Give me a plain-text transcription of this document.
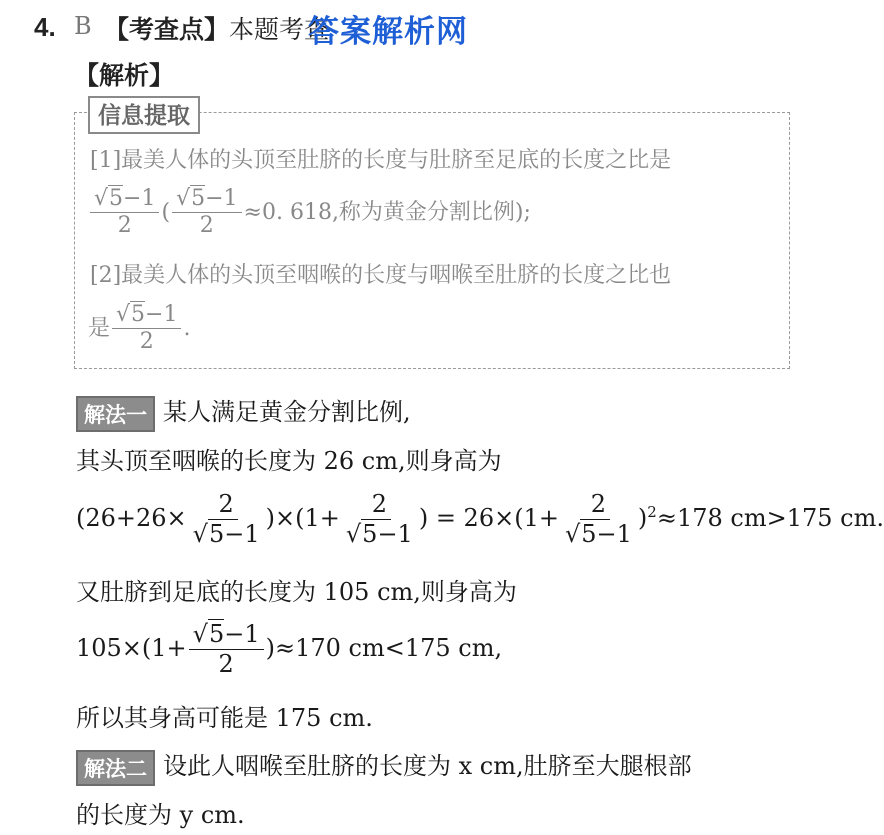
4. B 【考查点】本题考查
答案解析网
【解析】
信息提取
[1]最美人体的头顶至肚脐的长度与肚脐至足底的长度之比是
$\frac{√5-1}{2}$ ( $\frac{√5-1}{2} \approx 0$. 618,称为黄金分割比例);
[2]最美人体的头顶至咽喉的长度与咽喉至肚脐的长度之比也
是 $\frac{√5-1}{2}$ .
解法一 某人满足黄金分割比例,
其头顶至咽喉的长度为 26 cm,则身高为
$(26+26\times \frac{2}{√5-1} )\times(1+ \frac{2}{√5-1}$ ) = $26\times(1+ \frac{2}{√5-1} )^2\approx 178$ cm>175 cm.
又肚脐到足底的长度为 105 cm,则身高为
$105\times(1+ \frac{√5-1}{2} )\approx 170$ cm<175 cm,
所以其身高可能是 175 cm.
解法二 设此人咽喉至肚脐的长度为 x cm,肚脐至大腿根部
的长度为 y cm.
